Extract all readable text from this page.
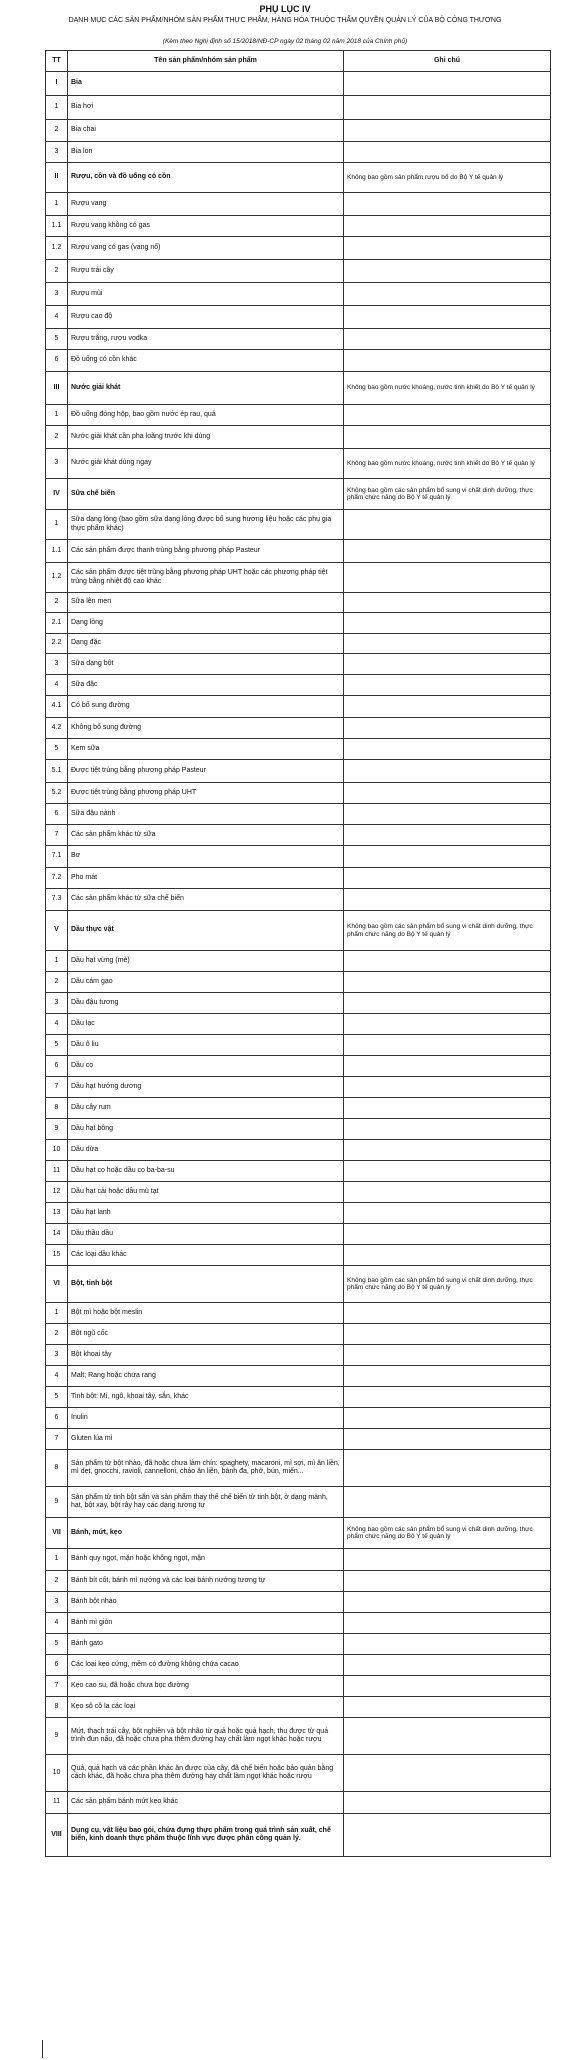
PHỤ LỤC IV
DANH MỤC CÁC SẢN PHẨM/NHÓM SẢN PHẨM THỰC PHẨM, HÀNG HÓA THUỘC THẨM QUYỀN QUẢN LÝ CỦA BỘ CÔNG THƯƠNG
(Kèm theo Nghị định số 15/2018/NĐ-CP ngày 02 tháng 02 năm 2018 của Chính phủ)
TT	Tên sản phẩm/nhóm sản phẩm	Ghi chú
I	Bia	
1	Bia hơi	
2	Bia chai	
3	Bia lon	
II	Rượu, cồn và đồ uống có cồn	Không bao gồm sản phẩm rượu bổ do Bộ Y tế quản lý
1	Rượu vang	
1.1	Rượu vang không có gas	
1.2	Rượu vang có gas (vang nổ)	
2	Rượu trái cây	
3	Rượu mùi	
4	Rượu cao độ	
5	Rượu trắng, rượu vodka	
6	Đồ uống có cồn khác	
III	Nước giải khát	Không bao gồm nước khoáng, nước tinh khiết do Bộ Y tế quản lý
1	Đồ uống đóng hộp, bao gồm nước ép rau, quả	
2	Nước giải khát cần pha loãng trước khi dùng	
3	Nước giải khát dùng ngay	Không bao gồm nước khoáng, nước tinh khiết do Bộ Y tế quản lý
IV	Sữa chế biến	Không bao gồm các sản phẩm bổ sung vi chất dinh dưỡng, thực phẩm chức năng do Bộ Y tế quản lý
1	Sữa dạng lỏng (bao gồm sữa dạng lỏng được bổ sung hương liệu hoặc các phụ gia thực phẩm khác)	
1.1	Các sản phẩm được thanh trùng bằng phương pháp Pasteur	
1.2	Các sản phẩm được tiệt trùng bằng phương pháp UHT hoặc các phương pháp tiệt trùng bằng nhiệt độ cao khác	
2	Sữa lên men	
2.1	Dạng lỏng	
2.2	Dạng đặc	
3	Sữa dạng bột	
4	Sữa đặc	
4.1	Có bổ sung đường	
4.2	Không bổ sung đường	
5	Kem sữa	
5.1	Được tiệt trùng bằng phương pháp Pasteur	
5.2	Được tiệt trùng bằng phương pháp UHT	
6	Sữa đậu nành	
7	Các sản phẩm khác từ sữa	
7.1	Bơ	
7.2	Pho mát	
7.3	Các sản phẩm khác từ sữa chế biến	
V	Dầu thực vật	Không bao gồm các sản phẩm bổ sung vi chất dinh dưỡng, thực phẩm chức năng do Bộ Y tế quản lý
1	Dầu hạt vừng (mè)	
2	Dầu cám gạo	
3	Dầu đậu tương	
4	Dầu lạc	
5	Dầu ô liu	
6	Dầu cọ	
7	Dầu hạt hướng dương	
8	Dầu cây rum	
9	Dầu hạt bông	
10	Dầu dừa	
11	Dầu hạt cọ hoặc dầu cọ ba-ba-su	
12	Dầu hạt cải hoặc dầu mù tạt	
13	Dầu hạt lanh	
14	Dầu thầu dầu	
15	Các loại dầu khác	
VI	Bột, tinh bột	Không bao gồm các sản phẩm bổ sung vi chất dinh dưỡng, thực phẩm chức năng do Bộ Y tế quản lý
1	Bột mì hoặc bột meslin	
2	Bột ngũ cốc	
3	Bột khoai tây	
4	Malt; Rang hoặc chưa rang	
5	Tinh bột: Mì, ngô, khoai tây, sắn, khác	
6	Inulin	
7	Gluten lúa mì	
8	Sản phẩm từ bột nhào, đã hoặc chưa làm chín: spaghety, macaroni, mì sợi, mì ăn liền, mì dẹt, gnocchi, ravioli, cannelloni, cháo ăn liền, bánh đa, phở, bún, miến...	
9	Sản phẩm từ tinh bột sắn và sản phẩm thay thế chế biến từ tinh bột, ở dạng mảnh, hạt, bột xay, bột rây hay các dạng tương tự	
VII	Bánh, mứt, kẹo	Không bao gồm các sản phẩm bổ sung vi chất dinh dưỡng, thực phẩm chức năng do Bộ Y tế quản lý
1	Bánh quy ngọt, mặn hoặc không ngọt, mặn	
2	Bánh bít cốt, bánh mì nướng và các loại bánh nướng tương tự	
3	Bánh bột nhào	
4	Bánh mì giòn	
5	Bánh gato	
6	Các loại kẹo cứng, mềm có đường không chứa cacao	
7	Kẹo cao su, đã hoặc chưa bọc đường	
8	Kẹo sô cô la các loại	
9	Mứt, thạch trái cây, bột nghiền và bột nhão từ quả hoặc quả hạch, thu được từ quá trình đun nấu, đã hoặc chưa pha thêm đường hay chất làm ngọt khác hoặc rượu	
10	Quả, quả hạch và các phần khác ăn được của cây, đã chế biến hoặc bảo quản bằng cách khác, đã hoặc chưa pha thêm đường hay chất làm ngọt khác hoặc rượu	
11	Các sản phẩm bánh mứt kẹo khác	
VIII	Dụng cụ, vật liệu bao gói, chứa đựng thực phẩm trong quá trình sản xuất, chế biến, kinh doanh thực phẩm thuộc lĩnh vực được phân công quản lý.	
